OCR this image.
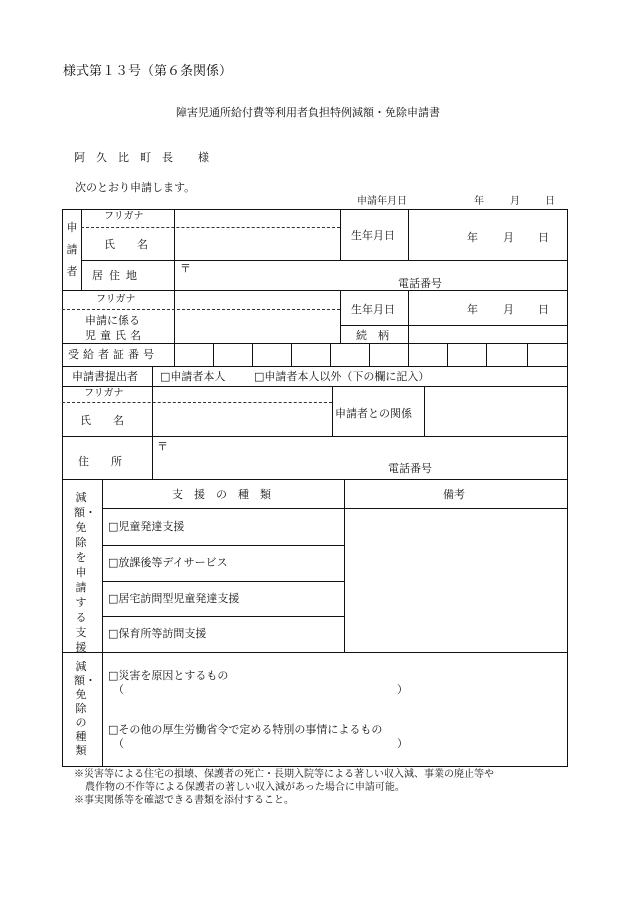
様式第１３号（第６条関係）
障害児通所給付費等利用者負担特例減額・免除申請書
阿　久　比　町　長 様
次のとおり申請します。
申請年月日	年	月	日
申請者
フリガナ
氏　　名
生年月日	年 月 日
居住地
〒
電話番号
フリガナ
申請に係る
児童氏名
生年月日	年 月 日
続　柄
受給者証番号
申請書提出者 □申請者本人	□申請者本人以外（下の欄に記入）
フリガナ
氏　　名
申請者との関係
住　　所
〒
電話番号
減額・免除を申請する支援
支　援　の　種　類	備考
□児童発達支援
□放課後等デイサービス
□居宅訪問型児童発達支援
□保育所等訪問支援
減額・免除の種類
□災害を原因とするもの
（	）
□その他の厚生労働省令で定める特別の事情によるもの
（	）
※災害等による住宅の損壊、保護者の死亡・長期入院等による著しい収入減、事業の廃止等や
農作物の不作等による保護者の著しい収入減があった場合に申請可能。
※事実関係等を確認できる書類を添付すること。
